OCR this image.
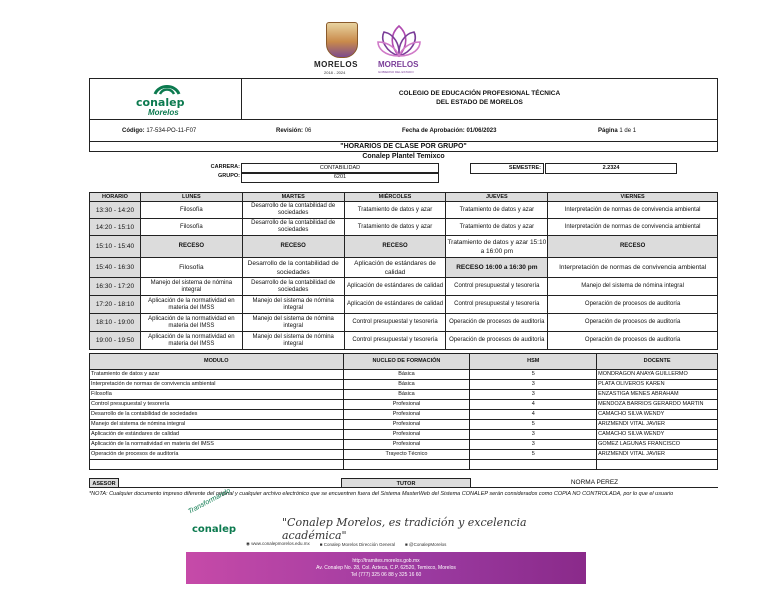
MORELOS
2018 - 2024
MORELOS
GOBIERNO DEL ESTADO
conalep
Morelos
COLEGIO DE EDUCACIÓN PROFESIONAL TÉCNICA
DEL ESTADO DE MORELOS
Código: 17-534-PO-11-F07	Revisión: 06	Fecha de Aprobación: 01/06/2023	Página 1 de 1
"HORARIOS DE CLASE POR GRUPO"
Conalep Plantel Temixco
CARRERA:	CONTABILIDAD
GRUPO:	6201
SEMESTRE:	2.2324
HORARIO	LUNES	MARTES	MIÉRCOLES	JUEVES	VIERNES
13:30 - 14:20	Filosofía	Desarrollo de la contabilidad de sociedades	Tratamiento de datos y azar	Tratamiento de datos y azar	Interpretación de normas de convivencia ambiental
14:20 - 15:10	Filosofía	Desarrollo de la contabilidad de sociedades	Tratamiento de datos y azar	Tratamiento de datos y azar	Interpretación de normas de convivencia ambiental
15:10 - 15:40	RECESO	RECESO	RECESO	Tratamiento de datos y azar 15:10 a 16:00 pm	RECESO
15:40 - 16:30	Filosofía	Desarrollo de la contabilidad de sociedades	Aplicación de estándares de calidad	RECESO 16:00 a 16:30 pm	Interpretación de normas de convivencia ambiental
16:30 - 17:20	Manejo del sistema de nómina integral	Desarrollo de la contabilidad de sociedades	Aplicación de estándares de calidad	Control presupuestal y tesorería	Manejo del sistema de nómina integral
17:20 - 18:10	Aplicación de la normatividad en materia del IMSS	Manejo del sistema de nómina integral	Aplicación de estándares de calidad	Control presupuestal y tesorería	Operación de procesos de auditoría
18:10 - 19:00	Aplicación de la normatividad en materia del IMSS	Manejo del sistema de nómina integral	Control presupuestal y tesorería	Operación de procesos de auditoría	Operación de procesos de auditoría
19:00 - 19:50	Aplicación de la normatividad en materia del IMSS	Manejo del sistema de nómina integral	Control presupuestal y tesorería	Operación de procesos de auditoría	Operación de procesos de auditoría
MODULO	NUCLEO DE FORMACIÓN	HSM	DOCENTE
Tratamiento de datos y azar	Básica	5	MONDRAGON ANAYA GUILLERMO
Interpretación de normas de convivencia ambiental	Básica	3	PLATA OLIVEROS KAREN
Filosofía	Básica	3	ENZASTIGA MENES ABRAHAM
Control presupuestal y tesorería	Profesional	4	MENDOZA BARRIOS GERARDO MARTIN
Desarrollo de la contabilidad de sociedades	Profesional	4	CAMACHO SILVA WENDY
Manejo del sistema de nómina integral	Profesional	5	ARIZMENDI VITAL JAVIER
Aplicación de estándares de calidad	Profesional	3	CAMACHO SILVA WENDY
Aplicación de la normatividad en materia del IMSS	Profesional	3	GOMEZ LAGUNAS FRANCISCO
Operación de procesos de auditoría	Trayecto Técnico	5	ARIZMENDI VITAL JAVIER

ASESOR	TUTOR	NORMA PEREZ
*NOTA: Cualquier documento impreso diferente del original y cualquier archivo electrónico que se encuentren fuera del Sistema MasterWeb del Sistema CONALEP serán considerados como COPIA NO CONTROLADA, por lo que el usuario
Transformando
conalep
"Conalep Morelos, es tradición y excelencia académica"
◉ www.conalepmorelos.edu.mx ■ Conalep Morelos Dirección General ■ @ConalepMorelos
http://tramites.morelos.gob.mx
Av. Conalep No. 28, Col. Azteca, C.P. 62520, Temixco, Morelos
Tel (777) 325 06 88 y 325 16 60
